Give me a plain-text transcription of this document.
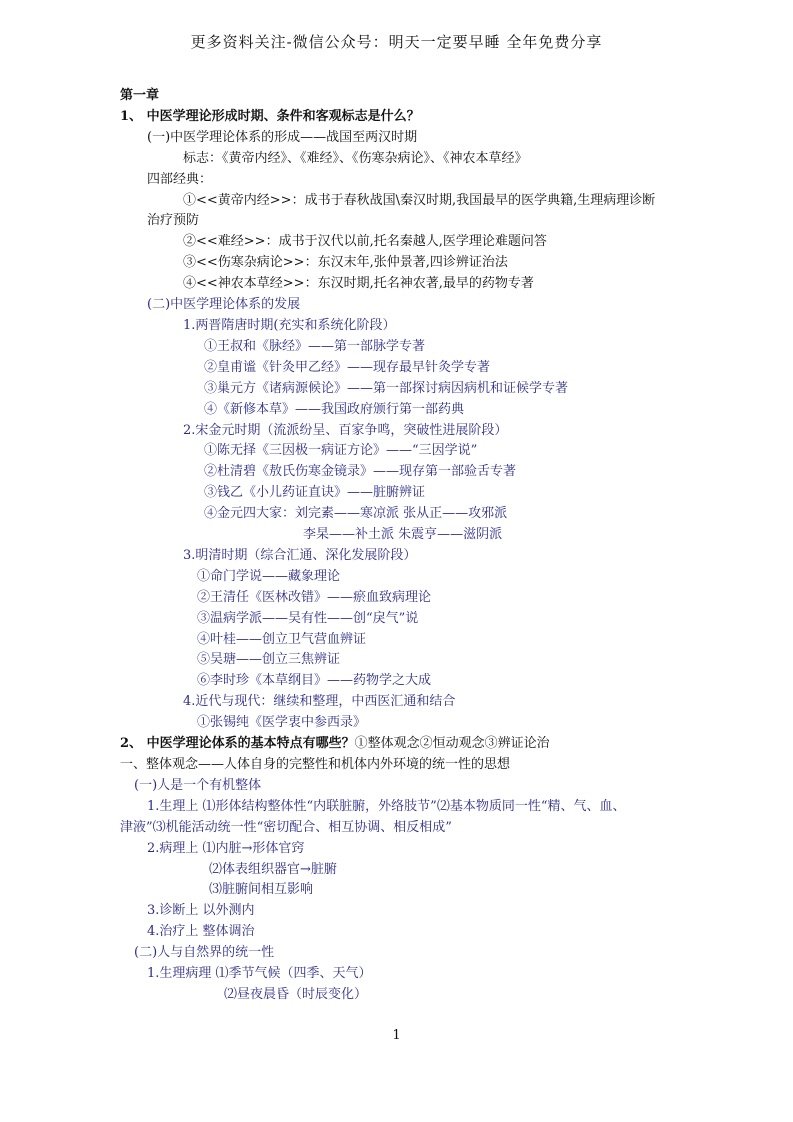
更多资料关注-微信公众号：明天一定要早睡 全年免费分享
第一章
1、 中医学理论形成时期、条件和客观标志是什么？
(一)中医学理论体系的形成——战国至两汉时期
标志：《黄帝内经》、《难经》、《伤寒杂病论》、《神农本草经》
四部经典：
①<<黄帝内经>>：成书于春秋战国\秦汉时期,我国最早的医学典籍,生理病理诊断
治疗预防
②<<难经>>：成书于汉代以前,托名秦越人,医学理论难题问答
③<<伤寒杂病论>>：东汉末年,张仲景著,四诊辨证治法
④<<神农本草经>>：东汉时期,托名神农著,最早的药物专著
(二)中医学理论体系的发展
1.两晋隋唐时期(充实和系统化阶段）
①王叔和《脉经》——第一部脉学专著
②皇甫谧《针灸甲乙经》——现存最早针灸学专著
③巢元方《诸病源候论》——第一部探讨病因病机和证候学专著
④《新修本草》——我国政府颁行第一部药典
2.宋金元时期（流派纷呈、百家争鸣，突破性进展阶段）
①陈无择《三因极一病证方论》——“三因学说”
②杜清碧《敖氏伤寒金镜录》——现存第一部验舌专著
③钱乙《小儿药证直诀》——脏腑辨证
④金元四大家：刘完素——寒凉派 张从正——攻邪派
李杲——补土派 朱震亨——滋阴派
3.明清时期（综合汇通、深化发展阶段）
①命门学说——藏象理论
②王清任《医林改错》——瘀血致病理论
③温病学派——吴有性——创“戾气”说
④叶桂——创立卫气营血辨证
⑤吴瑭——创立三焦辨证
⑥李时珍《本草纲目》——药物学之大成
4.近代与现代：继续和整理，中西医汇通和结合
①张锡纯《医学衷中参西录》
2、 中医学理论体系的基本特点有哪些？①整体观念②恒动观念③辨证论治
一、整体观念——人体自身的完整性和机体内外环境的统一性的思想
(一)人是一个有机整体
1.生理上 ⑴形体结构整体性“内联脏腑，外络肢节”⑵基本物质同一性“精、气、血、
津液”⑶机能活动统一性“密切配合、相互协调、相反相成”
2.病理上 ⑴内脏→形体官窍
⑵体表组织器官→脏腑
⑶脏腑间相互影响
3.诊断上 以外测内
4.治疗上 整体调治
(二)人与自然界的统一性
1.生理病理 ⑴季节气候（四季、天气）
⑵昼夜晨昏（时辰变化）
1
